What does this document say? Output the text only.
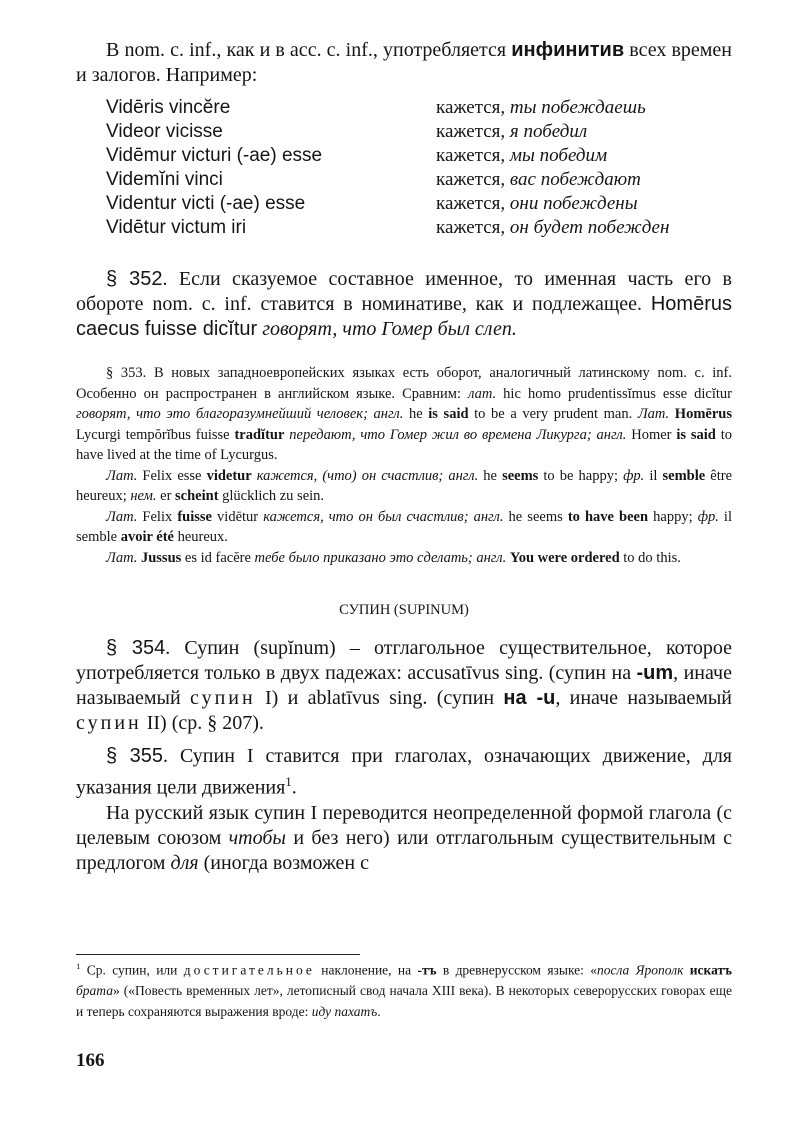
В nom. c. inf., как и в acc. c. inf., употребляется инфинитив всех времен и залогов. Например:

Vidēris vincĕre	кажется, ты побеждаешь
Videor vicisse	кажется, я победил
Vidēmur victuri (-ae) esse	кажется, мы победим
Videmĭni vinci	кажется, вас побеждают
Videntur victi (-ae) esse	кажется, они побеждены
Vidētur victum iri	кажется, он будет побежден

§ 352. Если сказуемое составное именное, то именная часть его в обороте nom. c. inf. ставится в номинативе, как и подлежащее. Homērus caecus fuisse dicĭtur говорят, что Гомер был слеп.

§ 353. В новых западноевропейских языках есть оборот, аналогичный латинскому nom. c. inf. Особенно он распространен в английском языке. Сравним: лат. hic homo prudentissĭmus esse dicĭtur говорят, что это благоразумнейший человек; англ. he is said to be a very prudent man. Лат. Homērus Lycurgi tempŏrĭbus fuisse tradĭtur передают, что Гомер жил во времена Ликурга; англ. Homer is said to have lived at the time of Lycurgus.

Лат. Felix esse videtur кажется, (что) он счастлив; англ. he seems to be happy; фр. il semble être heureux; нем. er scheint glücklich zu sein.

Лат. Felix fuisse vidētur кажется, что он был счастлив; англ. he seems to have been happy; фр. il semble avoir été heureux.

Лат. Jussus es id facĕre тебе было приказано это сделать; англ. You were ordered to do this.

СУПИН (SUPINUM)

§ 354. Супин (supĭnum) – отглагольное существительное, которое употребляется только в двух падежах: accusatīvus sing. (супин на -um, иначе называемый супин I) и ablatīvus sing. (супин на -u, иначе называемый супин II) (ср. § 207).

§ 355. Супин I ставится при глаголах, означающих движение, для указания цели движения$^1$.

На русский язык супин I переводится неопределенной формой глагола (с целевым союзом чтобы и без него) или отглагольным существительным с предлогом для (иногда возможен с

$^1$ Ср. супин, или достигательное наклонение, на -тъ в древнерусском языке: «посла Ярополк искатъ брата» («Повесть временных лет», летописный свод начала XIII века). В некоторых северорусских говорах еще и теперь сохраняются выражения вроде: иду пахатъ.
166
